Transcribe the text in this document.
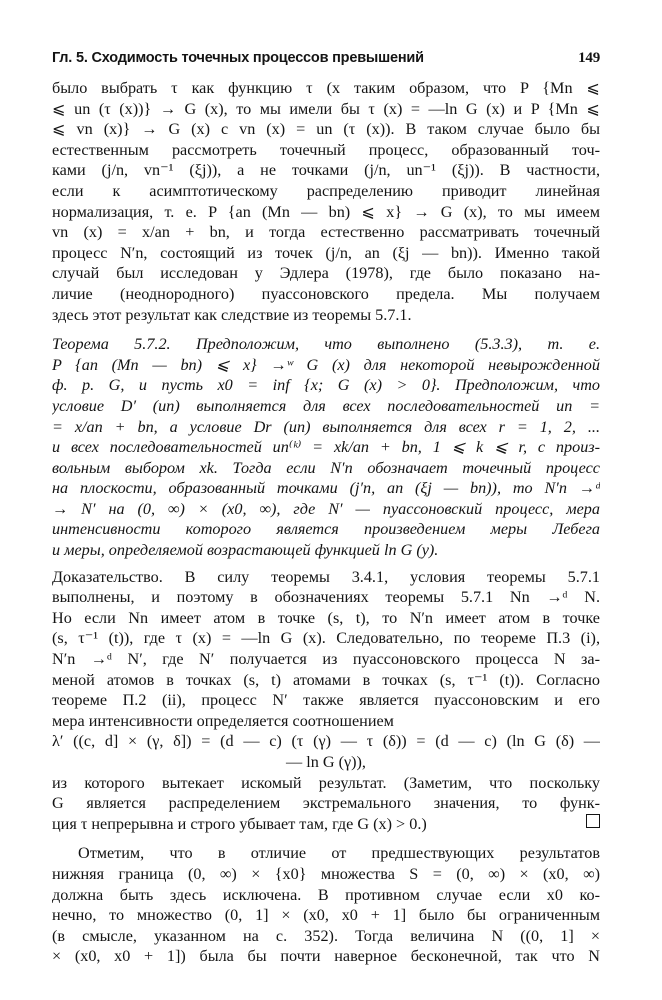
Гл. 5. Сходимость точечных процессов превышений	149
было выбрать τ как функцию τ (x таким образом, что P {Mn ⩽
⩽ un (τ (x))} → G (x), то мы имели бы τ (x) = —ln G (x) и P {Mn ⩽
⩽ vn (x)} → G (x) с vn (x) = un (τ (x)). В таком случае было бы
естественным рассмотреть точечный процесс, образованный точ-
ками (j/n, vn⁻¹ (ξj)), а не точками (j/n, un⁻¹ (ξj)). В частности,
если к асимптотическому распределению приводит линейная
нормализация, т. е. P {an (Mn — bn) ⩽ x} → G (x), то мы имеем
vn (x) = x/an + bn, и тогда естественно рассматривать точечный
процесс N′n, состоящий из точек (j/n, an (ξj — bn)). Именно такой
случай был исследован у Эдлера (1978), где было показано на-
личие (неоднородного) пуассоновского предела. Мы получаем
здесь этот результат как следствие из теоремы 5.7.1.
Теорема 5.7.2. Предположим, что выполнено (5.3.3), т. е.
P {an (Mn — bn) ⩽ x} →ʷ G (x) для некоторой невырожденной
ф. р. G, и пусть x0 = inf {x; G (x) > 0}. Предположим, что
условие D′ (un) выполняется для всех последовательностей un =
= x/an + bn, а условие Dr (un) выполняется для всех r = 1, 2, ...
и всех последовательностей un⁽ᵏ⁾ = xk/an + bn, 1 ⩽ k ⩽ r, с произ-
вольным выбором xk. Тогда если N′n обозначает точечный процесс
на плоскости, образованный точками (j′n, an (ξj — bn)), то N′n →ᵈ
→ N′ на (0, ∞) × (x0, ∞), где N′ — пуассоновский процесс, мера
интенсивности которого является произведением меры Лебега
и меры, определяемой возрастающей функцией ln G (y).
Доказательство. В силу теоремы 3.4.1, условия теоремы 5.7.1
выполнены, и поэтому в обозначениях теоремы 5.7.1 Nn →ᵈ N.
Но если Nn имеет атом в точке (s, t), то N′n имеет атом в точке
(s, τ⁻¹ (t)), где τ (x) = —ln G (x). Следовательно, по теореме П.3 (i),
N′n →ᵈ N′, где N′ получается из пуассоновского процесса N за-
меной атомов в точках (s, t) атомами в точках (s, τ⁻¹ (t)). Согласно
теореме П.2 (ii), процесс N′ также является пуассоновским и его
мера интенсивности определяется соотношением
λ′ ((c, d] × (γ, δ]) = (d — c) (τ (γ) — τ (δ)) = (d — c) (ln G (δ) —
— ln G (γ)),
из которого вытекает искомый результат. (Заметим, что поскольку
G является распределением экстремального значения, то функ-
ция τ непрерывна и строго убывает там, где G (x) > 0.)
Отметим, что в отличие от предшествующих результатов
нижняя граница (0, ∞) × {x0} множества S = (0, ∞) × (x0, ∞)
должна быть здесь исключена. В противном случае если x0 ко-
нечно, то множество (0, 1] × (x0, x0 + 1] было бы ограниченным
(в смысле, указанном на с. 352). Тогда величина N ((0, 1] ×
× (x0, x0 + 1]) была бы почти наверное бесконечной, так что N
